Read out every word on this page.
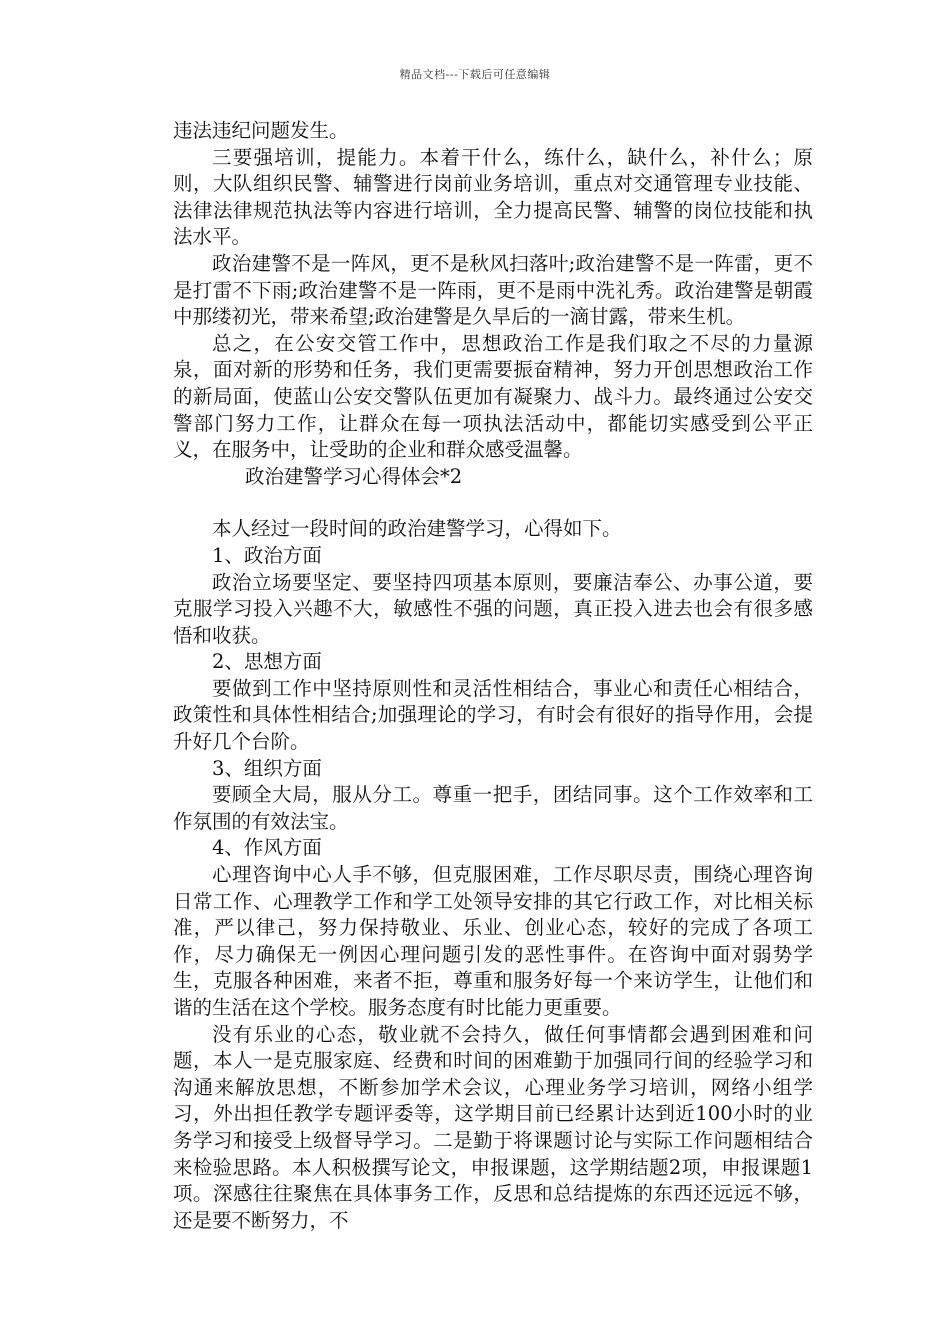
精品文档---下载后可任意编辑

违法违纪问题发生。

三要强培训，提能力。本着干什么，练什么，缺什么，补什么；原则，大队组织民警、辅警进行岗前业务培训，重点对交通管理专业技能、法律法律规范执法等内容进行培训，全力提高民警、辅警的岗位技能和执法水平。

政治建警不是一阵风，更不是秋风扫落叶;政治建警不是一阵雷，更不是打雷不下雨;政治建警不是一阵雨，更不是雨中洗礼秀。政治建警是朝霞中那缕初光，带来希望;政治建警是久旱后的一滴甘露，带来生机。

总之，在公安交管工作中，思想政治工作是我们取之不尽的力量源泉，面对新的形势和任务，我们更需要振奋精神，努力开创思想政治工作的新局面，使蓝山公安交警队伍更加有凝聚力、战斗力。最终通过公安交警部门努力工作，让群众在每一项执法活动中，都能切实感受到公平正义，在服务中，让受助的企业和群众感受温馨。

政治建警学习心得体会*2

本人经过一段时间的政治建警学习，心得如下。

1、政治方面

政治立场要坚定、要坚持四项基本原则，要廉洁奉公、办事公道，要克服学习投入兴趣不大，敏感性不强的问题，真正投入进去也会有很多感悟和收获。

2、思想方面

要做到工作中坚持原则性和灵活性相结合，事业心和责任心相结合，政策性和具体性相结合;加强理论的学习，有时会有很好的指导作用，会提升好几个台阶。

3、组织方面

要顾全大局，服从分工。尊重一把手，团结同事。这个工作效率和工作氛围的有效法宝。

4、作风方面

心理咨询中心人手不够，但克服困难，工作尽职尽责，围绕心理咨询日常工作、心理教学工作和学工处领导安排的其它行政工作，对比相关标准，严以律己，努力保持敬业、乐业、创业心态，较好的完成了各项工作，尽力确保无一例因心理问题引发的恶性事件。在咨询中面对弱势学生，克服各种困难，来者不拒，尊重和服务好每一个来访学生，让他们和谐的生活在这个学校。服务态度有时比能力更重要。

没有乐业的心态，敬业就不会持久，做任何事情都会遇到困难和问题，本人一是克服家庭、经费和时间的困难勤于加强同行间的经验学习和沟通来解放思想，不断参加学术会议，心理业务学习培训，网络小组学习，外出担任教学专题评委等，这学期目前已经累计达到近100小时的业务学习和接受上级督导学习。二是勤于将课题讨论与实际工作问题相结合来检验思路。本人积极撰写论文，申报课题，这学期结题2项，申报课题1项。深感往往聚焦在具体事务工作，反思和总结提炼的东西还远远不够，还是要不断努力，不
